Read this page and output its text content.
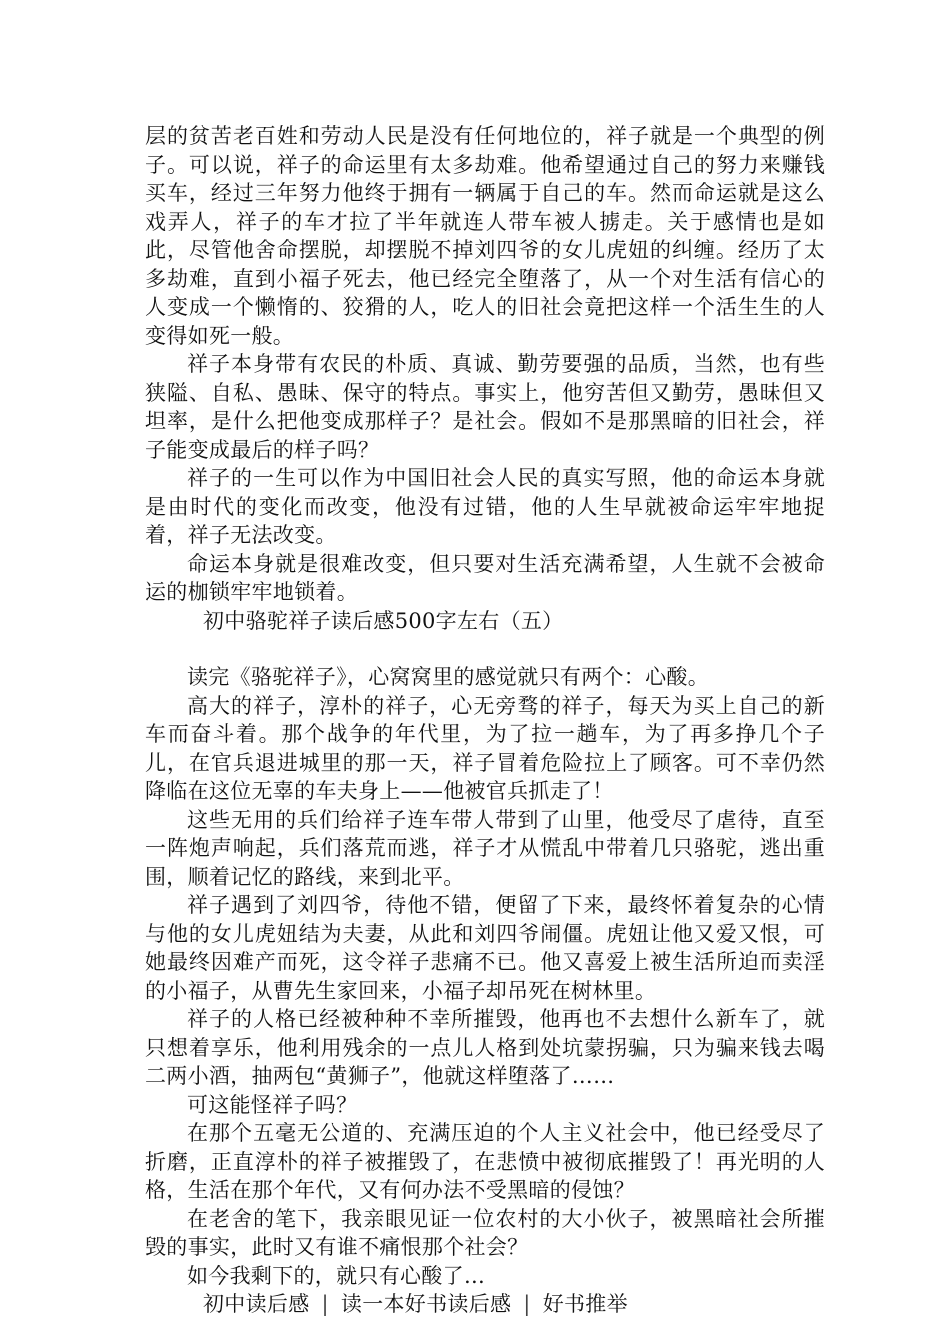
层的贫苦老百姓和劳动人民是没有任何地位的，祥子就是一个典型的例子。可以说，祥子的命运里有太多劫难。他希望通过自己的努力来赚钱买车，经过三年努力他终于拥有一辆属于自己的车。然而命运就是这么戏弄人，祥子的车才拉了半年就连人带车被人掳走。关于感情也是如此，尽管他舍命摆脱，却摆脱不掉刘四爷的女儿虎妞的纠缠。经历了太多劫难，直到小福子死去，他已经完全堕落了，从一个对生活有信心的人变成一个懒惰的、狡猾的人，吃人的旧社会竟把这样一个活生生的人变得如死一般。

祥子本身带有农民的朴质、真诚、勤劳要强的品质，当然，也有些狭隘、自私、愚昧、保守的特点。事实上，他穷苦但又勤劳，愚昧但又坦率，是什么把他变成那样子？是社会。假如不是那黑暗的旧社会，祥子能变成最后的样子吗？

祥子的一生可以作为中国旧社会人民的真实写照，他的命运本身就是由时代的变化而改变，他没有过错，他的人生早就被命运牢牢地捉着，祥子无法改变。

命运本身就是很难改变，但只要对生活充满希望，人生就不会被命运的枷锁牢牢地锁着。

初中骆驼祥子读后感500字左右（五）

读完《骆驼祥子》，心窝窝里的感觉就只有两个：心酸。

高大的祥子，淳朴的祥子，心无旁骛的祥子，每天为买上自己的新车而奋斗着。那个战争的年代里，为了拉一趟车，为了再多挣几个子儿，在官兵退进城里的那一天，祥子冒着危险拉上了顾客。可不幸仍然降临在这位无辜的车夫身上——他被官兵抓走了！

这些无用的兵们给祥子连车带人带到了山里，他受尽了虐待，直至一阵炮声响起，兵们落荒而逃，祥子才从慌乱中带着几只骆驼，逃出重围，顺着记忆的路线，来到北平。

祥子遇到了刘四爷，待他不错，便留了下来，最终怀着复杂的心情与他的女儿虎妞结为夫妻，从此和刘四爷闹僵。虎妞让他又爱又恨，可她最终因难产而死，这令祥子悲痛不已。他又喜爱上被生活所迫而卖淫的小福子，从曹先生家回来，小福子却吊死在树林里。

祥子的人格已经被种种不幸所摧毁，他再也不去想什么新车了，就只想着享乐，他利用残余的一点儿人格到处坑蒙拐骗，只为骗来钱去喝二两小酒，抽两包“黄狮子”，他就这样堕落了……

可这能怪祥子吗？

在那个五毫无公道的、充满压迫的个人主义社会中，他已经受尽了折磨，正直淳朴的祥子被摧毁了，在悲愤中被彻底摧毁了！再光明的人格，生活在那个年代，又有何办法不受黑暗的侵蚀？

在老舍的笔下，我亲眼见证一位农村的大小伙子，被黑暗社会所摧毁的事实，此时又有谁不痛恨那个社会？

如今我剩下的，就只有心酸了…

初中读后感 | 读一本好书读后感 | 好书推举
